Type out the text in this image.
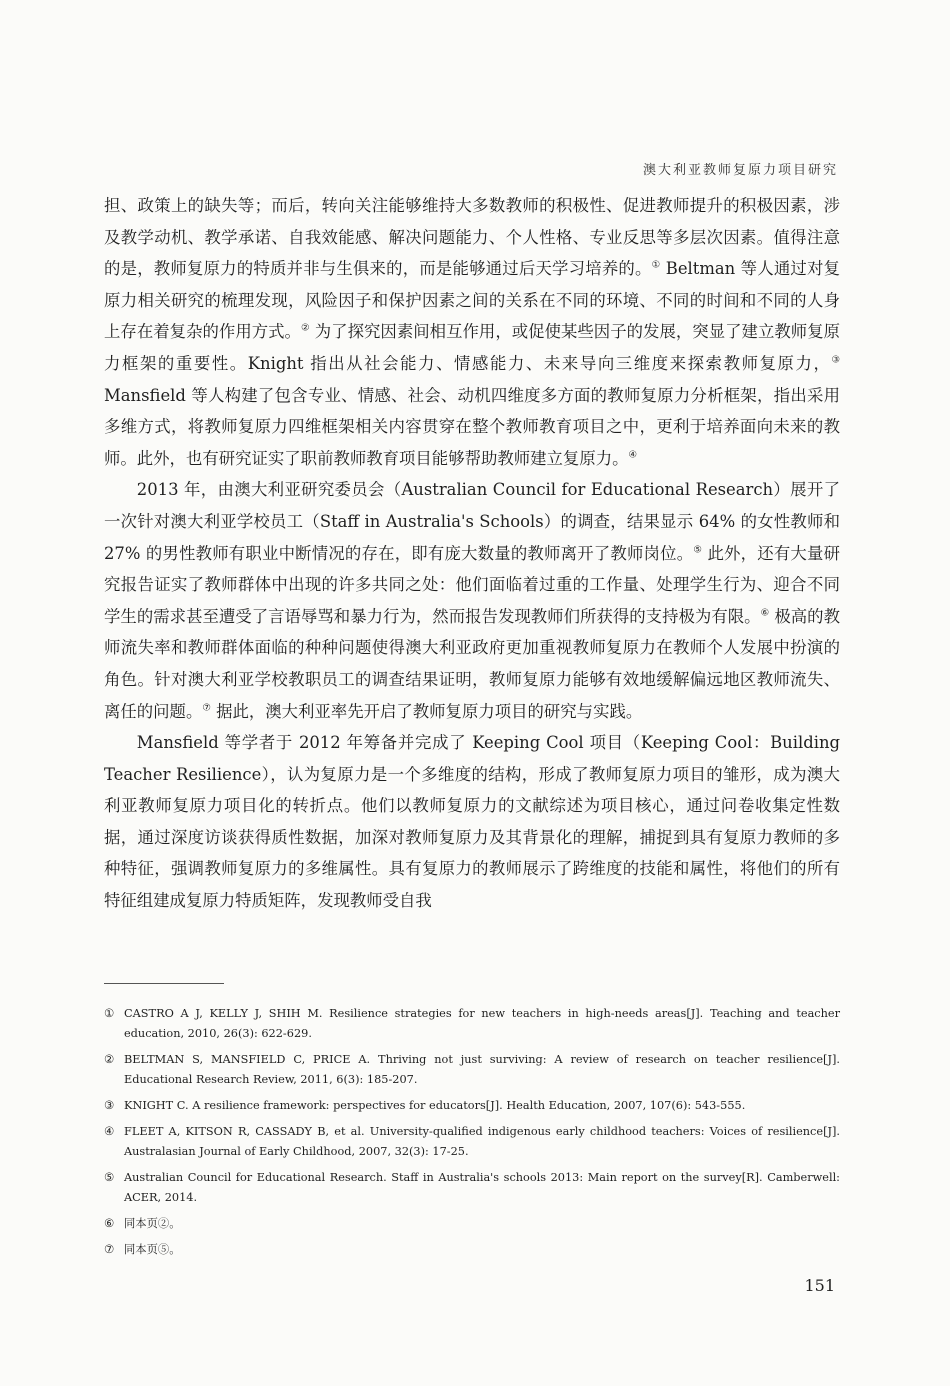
澳大利亚教师复原力项目研究

担、政策上的缺失等；而后，转向关注能够维持大多数教师的积极性、促进教师提升的积极因素，涉及教学动机、教学承诺、自我效能感、解决问题能力、个人性格、专业反思等多层次因素。值得注意的是，教师复原力的特质并非与生俱来的，而是能够通过后天学习培养的。① Beltman 等人通过对复原力相关研究的梳理发现，风险因子和保护因素之间的关系在不同的环境、不同的时间和不同的人身上存在着复杂的作用方式。② 为了探究因素间相互作用，或促使某些因子的发展，突显了建立教师复原力框架的重要性。Knight 指出从社会能力、情感能力、未来导向三维度来探索教师复原力，③ Mansfield 等人构建了包含专业、情感、社会、动机四维度多方面的教师复原力分析框架，指出采用多维方式，将教师复原力四维框架相关内容贯穿在整个教师教育项目之中，更利于培养面向未来的教师。此外，也有研究证实了职前教师教育项目能够帮助教师建立复原力。④

2013 年，由澳大利亚研究委员会（Australian Council for Educational Research）展开了一次针对澳大利亚学校员工（Staff in Australia's Schools）的调查，结果显示 64% 的女性教师和 27% 的男性教师有职业中断情况的存在，即有庞大数量的教师离开了教师岗位。⑤ 此外，还有大量研究报告证实了教师群体中出现的许多共同之处：他们面临着过重的工作量、处理学生行为、迎合不同学生的需求甚至遭受了言语辱骂和暴力行为，然而报告发现教师们所获得的支持极为有限。⑥ 极高的教师流失率和教师群体面临的种种问题使得澳大利亚政府更加重视教师复原力在教师个人发展中扮演的角色。针对澳大利亚学校教职员工的调查结果证明，教师复原力能够有效地缓解偏远地区教师流失、离任的问题。⑦ 据此，澳大利亚率先开启了教师复原力项目的研究与实践。

Mansfield 等学者于 2012 年筹备并完成了 Keeping Cool 项目（Keeping Cool：Building Teacher Resilience），认为复原力是一个多维度的结构，形成了教师复原力项目的雏形，成为澳大利亚教师复原力项目化的转折点。他们以教师复原力的文献综述为项目核心，通过问卷收集定性数据，通过深度访谈获得质性数据，加深对教师复原力及其背景化的理解，捕捉到具有复原力教师的多种特征，强调教师复原力的多维属性。具有复原力的教师展示了跨维度的技能和属性，将他们的所有特征组建成复原力特质矩阵，发现教师受自我

① CASTRO A J, KELLY J, SHIH M. Resilience strategies for new teachers in high-needs areas[J]. Teaching and teacher education, 2010, 26(3): 622-629.
② BELTMAN S, MANSFIELD C, PRICE A. Thriving not just surviving: A review of research on teacher resilience[J]. Educational Research Review, 2011, 6(3): 185-207.
③ KNIGHT C. A resilience framework: perspectives for educators[J]. Health Education, 2007, 107(6): 543-555.
④ FLEET A, KITSON R, CASSADY B, et al. University-qualified indigenous early childhood teachers: Voices of resilience[J]. Australasian Journal of Early Childhood, 2007, 32(3): 17-25.
⑤ Australian Council for Educational Research. Staff in Australia's schools 2013: Main report on the survey[R]. Camberwell: ACER, 2014.
⑥ 同本页②。
⑦ 同本页⑤。
151
